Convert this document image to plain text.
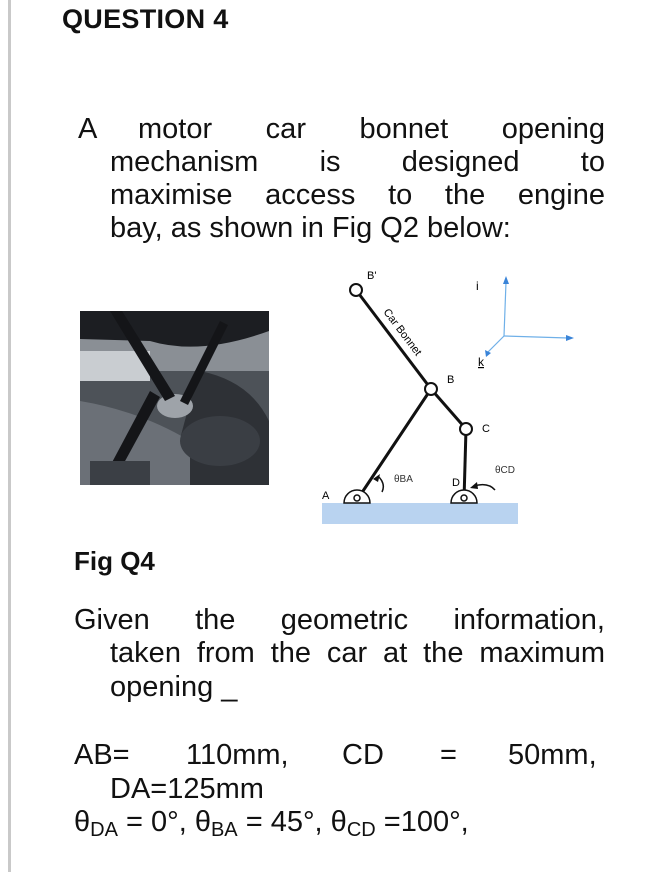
QUESTION 4
A motor car bonnet opening
mechanism is designed to
maximise access to the engine
bay, as shown in Fig Q2 below:
B'
Car Bonnet
i
k
B
C
A
D
θBA
θCD
Fig Q4
Given the geometric information,
taken from the car at the maximum
opening _
AB= 110mm, CD = 50mm,
DA=125mm
$\theta_{DA} = 0^\circ$, $\theta_{BA} = 45^\circ$, $\theta_{CD} =100^\circ$,
